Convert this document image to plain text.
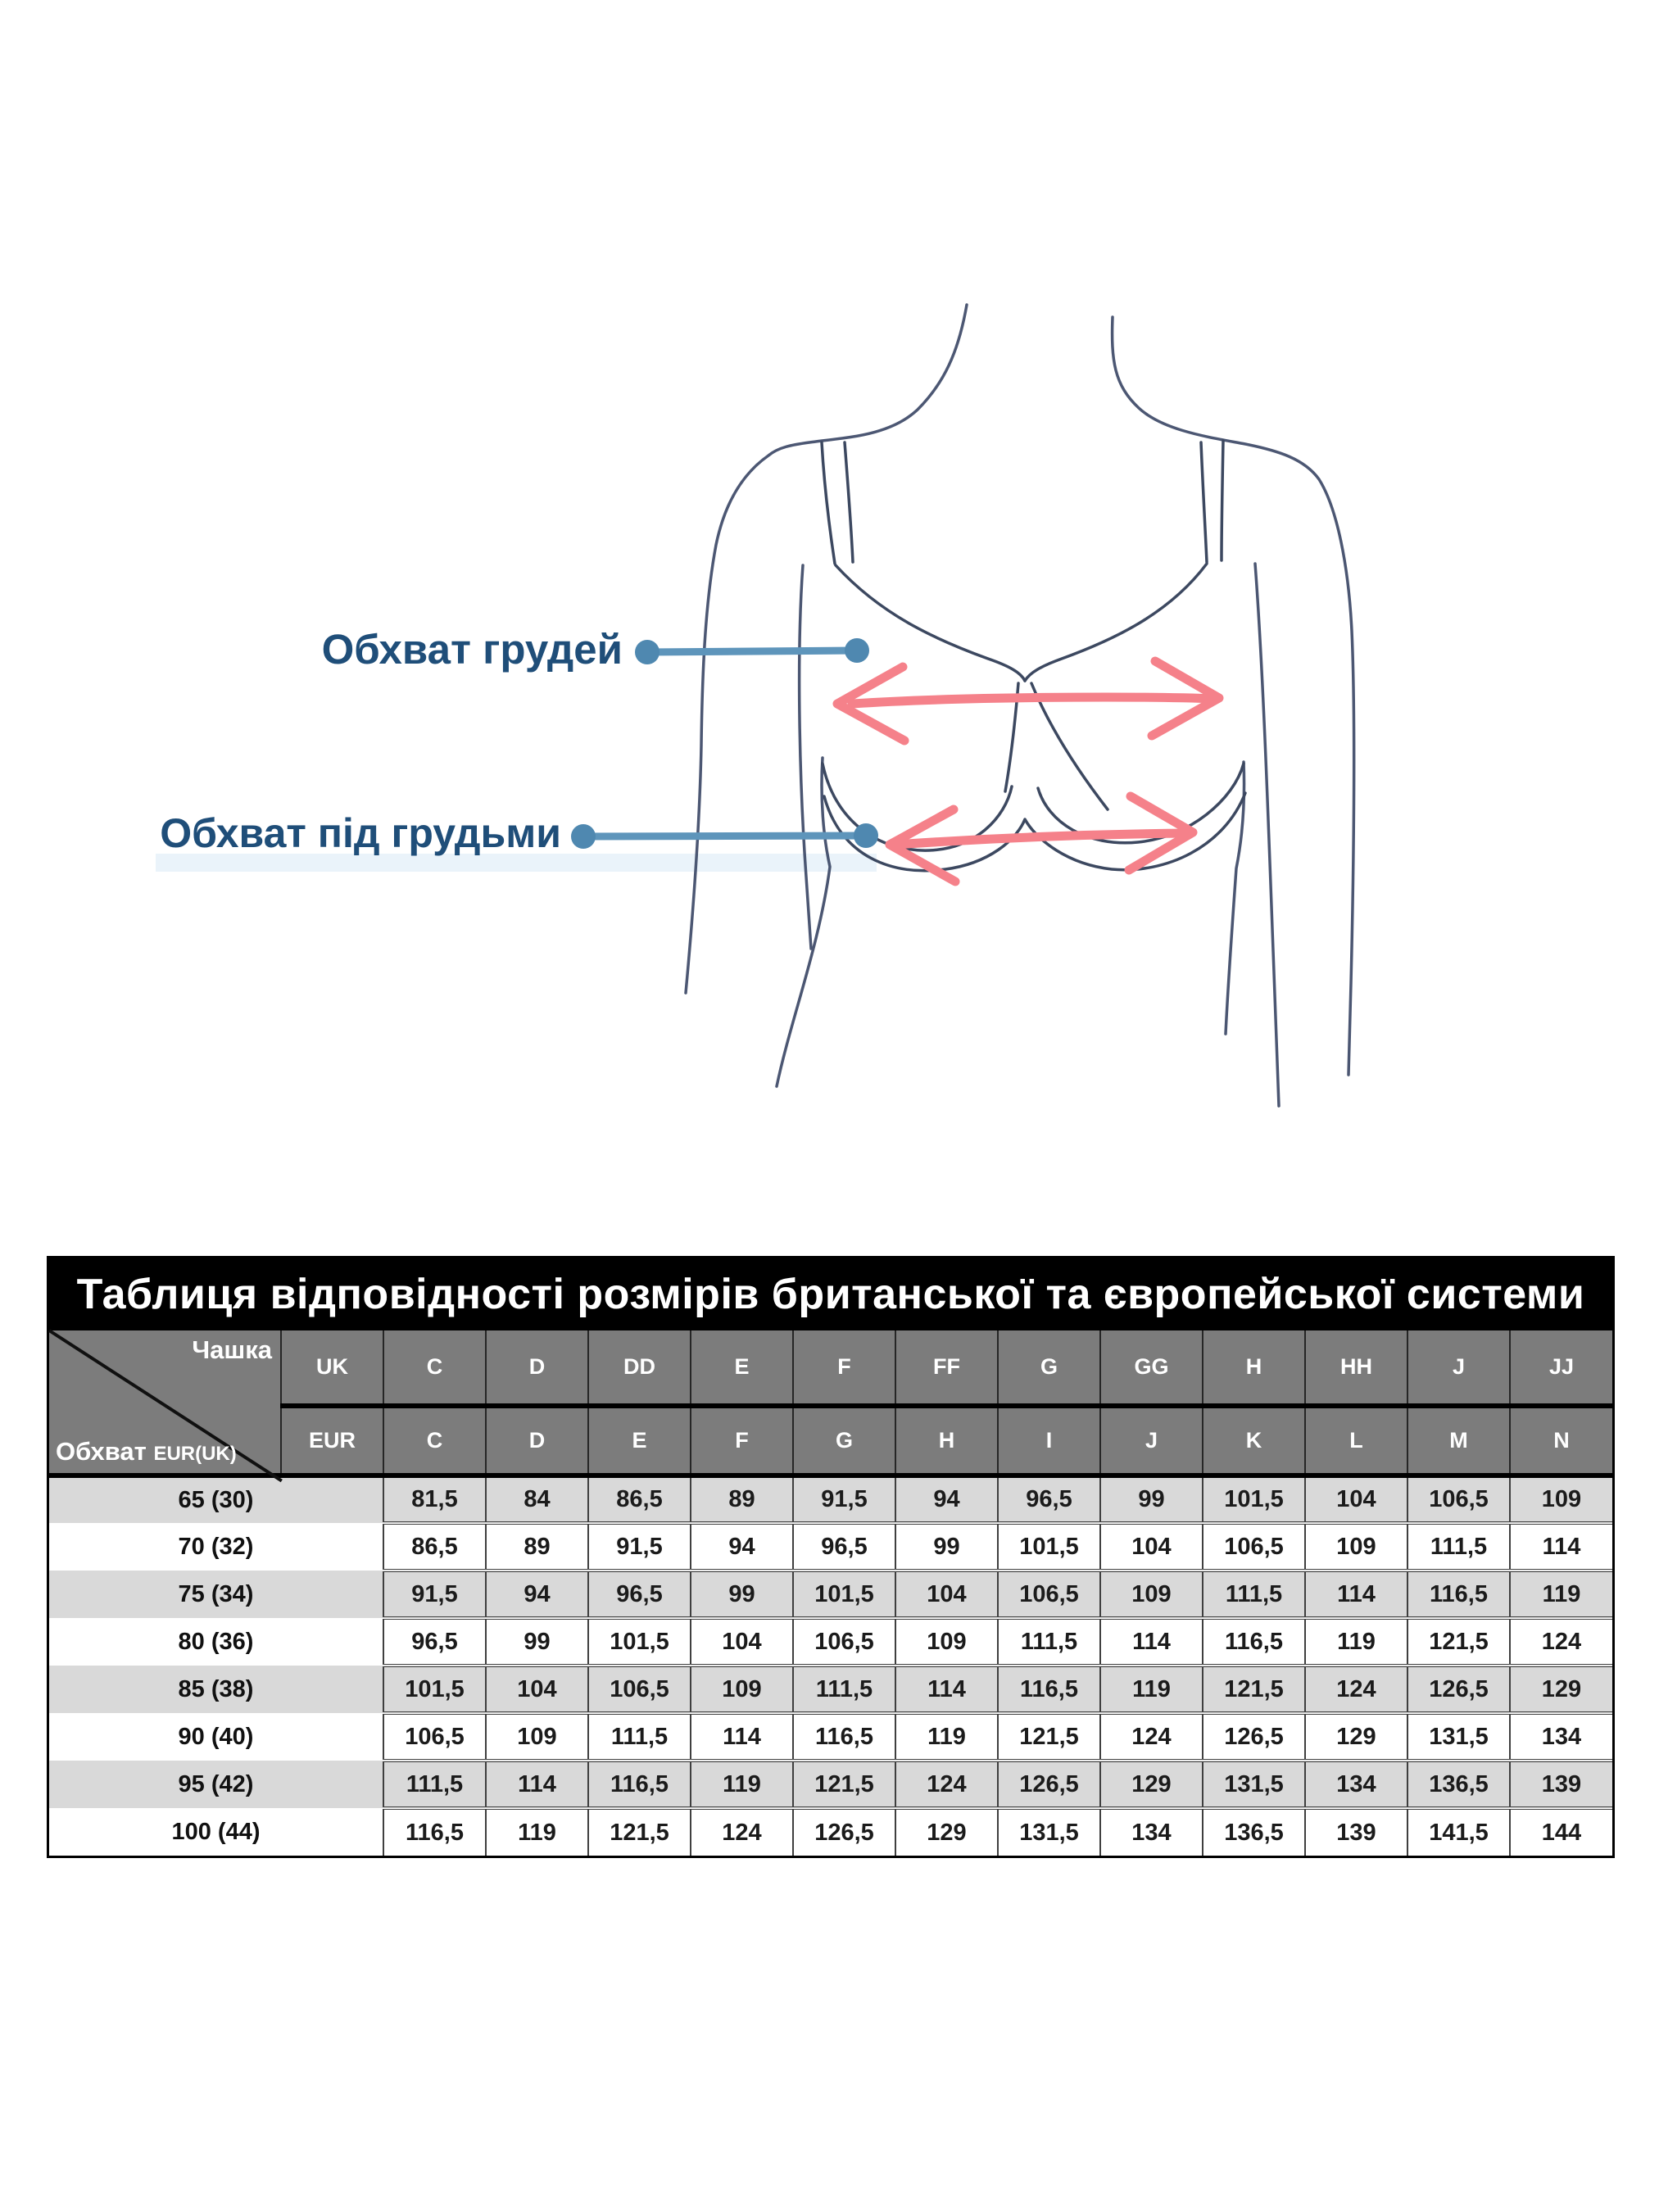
Обхват грудей
Обхват під грудьми
Таблиця відповідності розмірів британської та європейської системи
Чашка
Обхват EUR(UK)	UK	C	D	DD	E	F	FF	G	GG	H	HH	J	JJ
	EUR	C	D	E	F	G	H	I	J	K	L	M	N
65 (30)		81,5	84	86,5	89	91,5	94	96,5	99	101,5	104	106,5	109
70 (32)		86,5	89	91,5	94	96,5	99	101,5	104	106,5	109	111,5	114
75 (34)		91,5	94	96,5	99	101,5	104	106,5	109	111,5	114	116,5	119
80 (36)		96,5	99	101,5	104	106,5	109	111,5	114	116,5	119	121,5	124
85 (38)		101,5	104	106,5	109	111,5	114	116,5	119	121,5	124	126,5	129
90 (40)		106,5	109	111,5	114	116,5	119	121,5	124	126,5	129	131,5	134
95 (42)		111,5	114	116,5	119	121,5	124	126,5	129	131,5	134	136,5	139
100 (44)		116,5	119	121,5	124	126,5	129	131,5	134	136,5	139	141,5	144
